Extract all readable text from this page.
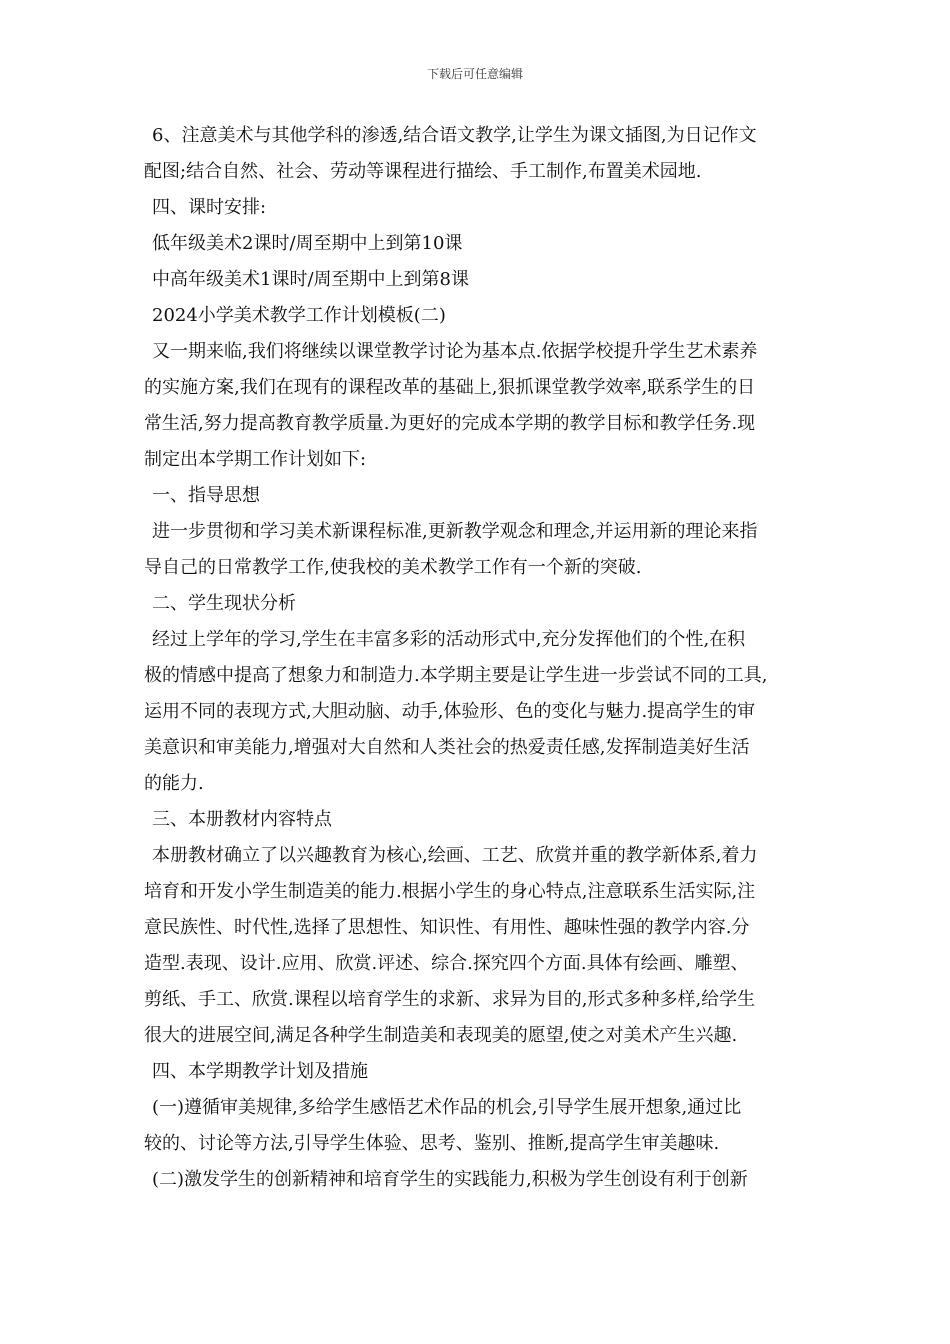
下载后可任意编辑
6、注意美术与其他学科的渗透,结合语文教学,让学生为课文插图,为日记作文
配图;结合自然、社会、劳动等课程进行描绘、手工制作,布置美术园地.
四、课时安排:
低年级美术2课时/周至期中上到第10课
中高年级美术1课时/周至期中上到第8课
2024小学美术教学工作计划模板(二)
又一期来临,我们将继续以课堂教学讨论为基本点.依据学校提升学生艺术素养
的实施方案,我们在现有的课程改革的基础上,狠抓课堂教学效率,联系学生的日
常生活,努力提高教育教学质量.为更好的完成本学期的教学目标和教学任务.现
制定出本学期工作计划如下:
一、指导思想
进一步贯彻和学习美术新课程标准,更新教学观念和理念,并运用新的理论来指
导自己的日常教学工作,使我校的美术教学工作有一个新的突破.
二、学生现状分析
经过上学年的学习,学生在丰富多彩的活动形式中,充分发挥他们的个性,在积
极的情感中提高了想象力和制造力.本学期主要是让学生进一步尝试不同的工具,
运用不同的表现方式,大胆动脑、动手,体验形、色的变化与魅力.提高学生的审
美意识和审美能力,增强对大自然和人类社会的热爱责任感,发挥制造美好生活
的能力.
三、本册教材内容特点
本册教材确立了以兴趣教育为核心,绘画、工艺、欣赏并重的教学新体系,着力
培育和开发小学生制造美的能力.根据小学生的身心特点,注意联系生活实际,注
意民族性、时代性,选择了思想性、知识性、有用性、趣味性强的教学内容.分
造型.表现、设计.应用、欣赏.评述、综合.探究四个方面.具体有绘画、雕塑、
剪纸、手工、欣赏.课程以培育学生的求新、求异为目的,形式多种多样,给学生
很大的进展空间,满足各种学生制造美和表现美的愿望,使之对美术产生兴趣.
四、本学期教学计划及措施
(一)遵循审美规律,多给学生感悟艺术作品的机会,引导学生展开想象,通过比
较的、讨论等方法,引导学生体验、思考、鉴别、推断,提高学生审美趣味.
(二)激发学生的创新精神和培育学生的实践能力,积极为学生创设有利于创新
